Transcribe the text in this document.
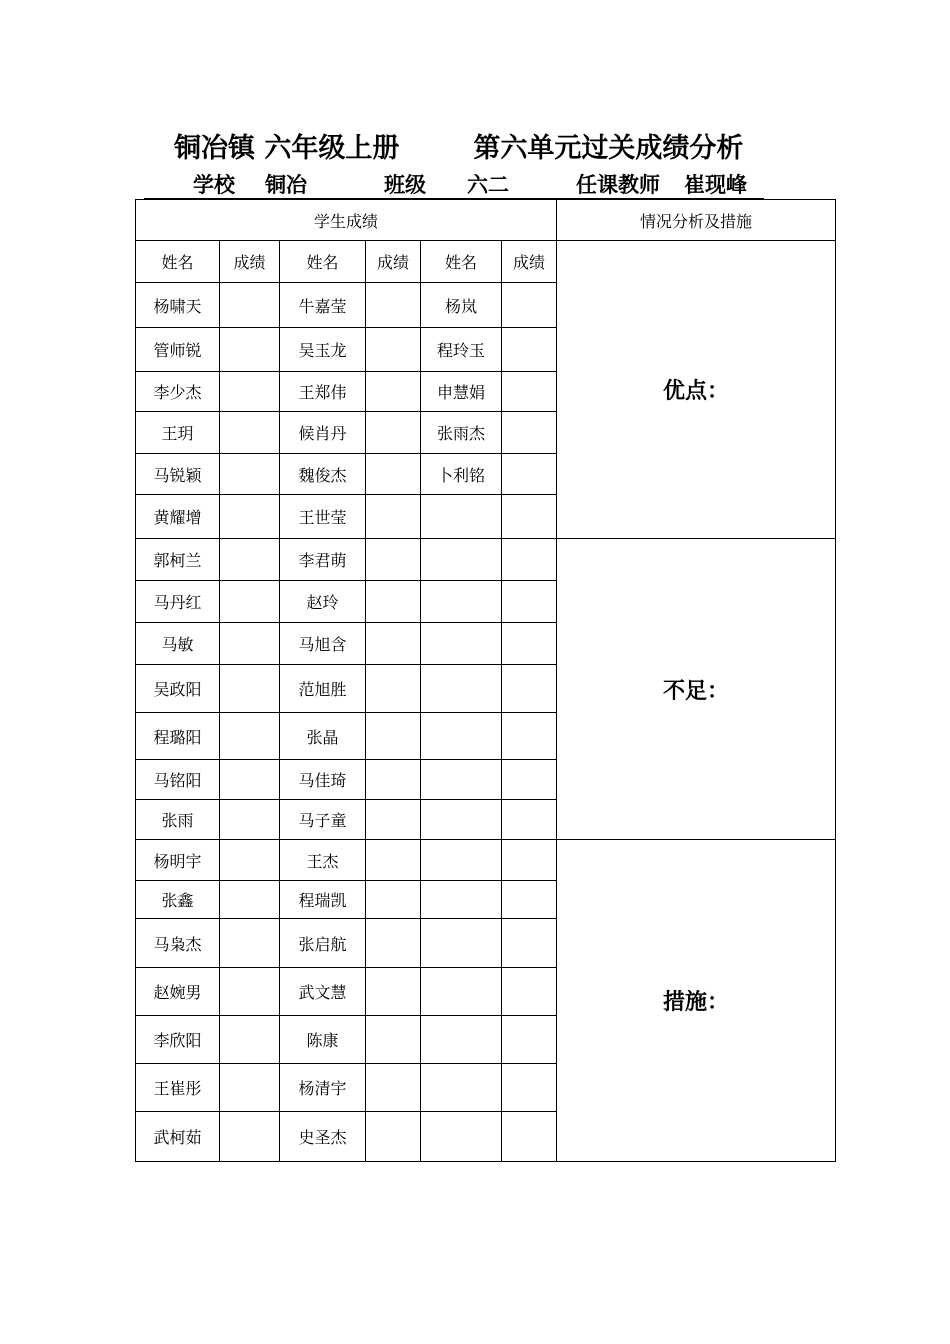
铜冶镇 六年级上册	第六单元过关成绩分析
学校 铜冶	班级 六二	任课教师 崔现峰
学生成绩						情况分析及措施
姓名	成绩	姓名	成绩	姓名	成绩	优点：
杨啸天		牛嘉莹		杨岚		
管师锐		吴玉龙		程玲玉		
李少杰		王郑伟		申慧娟		
王玥		候肖丹		张雨杰		
马锐颖		魏俊杰		卜利铭		
黄耀增		王世莹				
郭柯兰		李君萌				不足：
马丹红		赵玲				
马敏		马旭含				
吴政阳		范旭胜				
程璐阳		张晶				
马铭阳		马佳琦				
张雨		马子童				
杨明宇		王杰				措施：
张鑫		程瑞凯				
马枭杰		张启航				
赵婉男		武文慧				
李欣阳		陈康				
王崔彤		杨清宇				
武柯茹		史圣杰				
